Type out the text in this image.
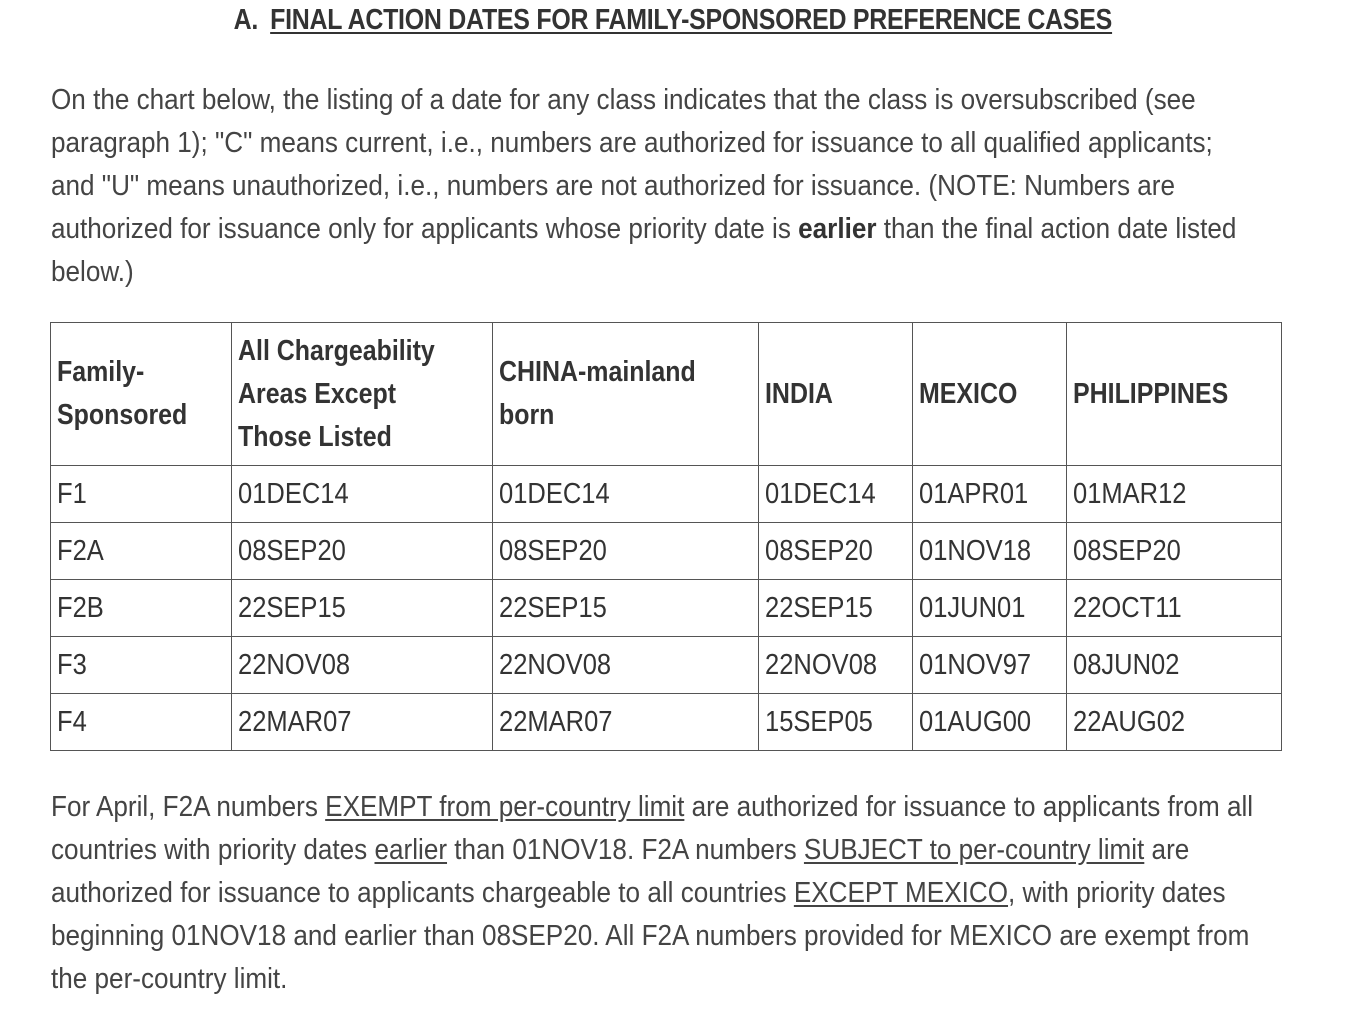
A. FINAL ACTION DATES FOR FAMILY-SPONSORED PREFERENCE CASES

On the chart below, the listing of a date for any class indicates that the class is oversubscribed (see paragraph 1); "C" means current, i.e., numbers are authorized for issuance to all qualified applicants; and "U" means unauthorized, i.e., numbers are not authorized for issuance. (NOTE: Numbers are authorized for issuance only for applicants whose priority date is earlier than the final action date listed below.)

Family-Sponsored	All Chargeability Areas Except Those Listed	CHINA-mainland born	INDIA	MEXICO	PHILIPPINES
F1	01DEC14	01DEC14	01DEC14	01APR01	01MAR12
F2A	08SEP20	08SEP20	08SEP20	01NOV18	08SEP20
F2B	22SEP15	22SEP15	22SEP15	01JUN01	22OCT11
F3	22NOV08	22NOV08	22NOV08	01NOV97	08JUN02
F4	22MAR07	22MAR07	15SEP05	01AUG00	22AUG02

For April, F2A numbers EXEMPT from per-country limit are authorized for issuance to applicants from all countries with priority dates earlier than 01NOV18. F2A numbers SUBJECT to per-country limit are authorized for issuance to applicants chargeable to all countries EXCEPT MEXICO, with priority dates beginning 01NOV18 and earlier than 08SEP20. All F2A numbers provided for MEXICO are exempt from the per-country limit.
